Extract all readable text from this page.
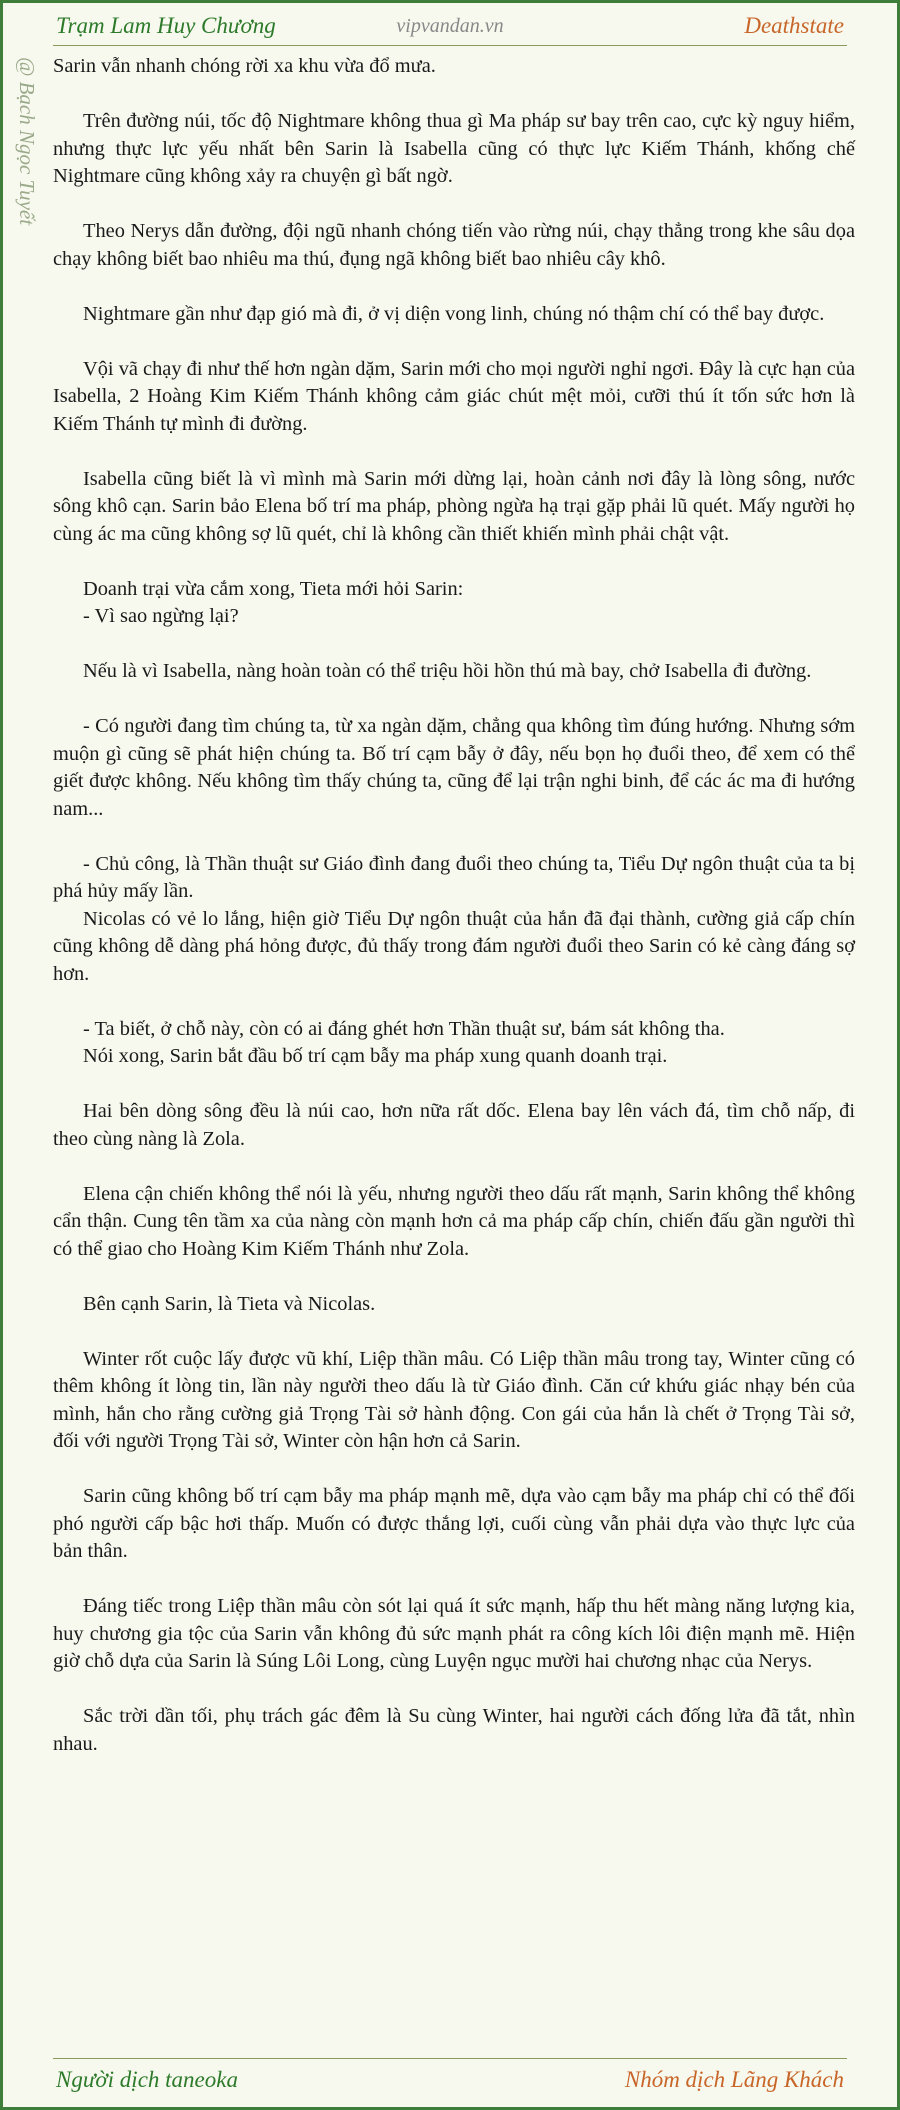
Trạm Lam Huy Chương	vipvandan.vn	Deathstate
@ Bạch Ngọc Tuyết Sarin vẫn nhanh chóng rời xa khu vừa đổ mưa.

Trên đường núi, tốc độ Nightmare không thua gì Ma pháp sư bay trên cao, cực kỳ nguy hiểm, nhưng thực lực yếu nhất bên Sarin là Isabella cũng có thực lực Kiếm Thánh, khống chế Nightmare cũng không xảy ra chuyện gì bất ngờ.

Theo Nerys dẫn đường, đội ngũ nhanh chóng tiến vào rừng núi, chạy thẳng trong khe sâu dọa chạy không biết bao nhiêu ma thú, đụng ngã không biết bao nhiêu cây khô.

Nightmare gần như đạp gió mà đi, ở vị diện vong linh, chúng nó thậm chí có thể bay được.

Vội vã chạy đi như thế hơn ngàn dặm, Sarin mới cho mọi người nghỉ ngơi. Đây là cực hạn của Isabella, 2 Hoàng Kim Kiếm Thánh không cảm giác chút mệt mỏi, cưỡi thú ít tốn sức hơn là Kiếm Thánh tự mình đi đường.

Isabella cũng biết là vì mình mà Sarin mới dừng lại, hoàn cảnh nơi đây là lòng sông, nước sông khô cạn. Sarin bảo Elena bố trí ma pháp, phòng ngừa hạ trại gặp phải lũ quét. Mấy người họ cùng ác ma cũng không sợ lũ quét, chỉ là không cần thiết khiến mình phải chật vật.

Doanh trại vừa cắm xong, Tieta mới hỏi Sarin:

- Vì sao ngừng lại?

Nếu là vì Isabella, nàng hoàn toàn có thể triệu hồi hồn thú mà bay, chở Isabella đi đường.

- Có người đang tìm chúng ta, từ xa ngàn dặm, chẳng qua không tìm đúng hướng. Nhưng sớm muộn gì cũng sẽ phát hiện chúng ta. Bố trí cạm bẫy ở đây, nếu bọn họ đuổi theo, để xem có thể giết được không. Nếu không tìm thấy chúng ta, cũng để lại trận nghi binh, để các ác ma đi hướng nam...

- Chủ công, là Thần thuật sư Giáo đình đang đuổi theo chúng ta, Tiểu Dự ngôn thuật của ta bị phá hủy mấy lần.

Nicolas có vẻ lo lắng, hiện giờ Tiểu Dự ngôn thuật của hắn đã đại thành, cường giả cấp chín cũng không dễ dàng phá hỏng được, đủ thấy trong đám người đuổi theo Sarin có kẻ càng đáng sợ hơn.

- Ta biết, ở chỗ này, còn có ai đáng ghét hơn Thần thuật sư, bám sát không tha.

Nói xong, Sarin bắt đầu bố trí cạm bẫy ma pháp xung quanh doanh trại.

Hai bên dòng sông đều là núi cao, hơn nữa rất dốc. Elena bay lên vách đá, tìm chỗ nấp, đi theo cùng nàng là Zola.

Elena cận chiến không thể nói là yếu, nhưng người theo dấu rất mạnh, Sarin không thể không cẩn thận. Cung tên tầm xa của nàng còn mạnh hơn cả ma pháp cấp chín, chiến đấu gần người thì có thể giao cho Hoàng Kim Kiếm Thánh như Zola.

Bên cạnh Sarin, là Tieta và Nicolas.

Winter rốt cuộc lấy được vũ khí, Liệp thần mâu. Có Liệp thần mâu trong tay, Winter cũng có thêm không ít lòng tin, lần này người theo dấu là từ Giáo đình. Căn cứ khứu giác nhạy bén của mình, hắn cho rằng cường giả Trọng Tài sở hành động. Con gái của hắn là chết ở Trọng Tài sở, đối với người Trọng Tài sở, Winter còn hận hơn cả Sarin.

Sarin cũng không bố trí cạm bẫy ma pháp mạnh mẽ, dựa vào cạm bẫy ma pháp chỉ có thể đối phó người cấp bậc hơi thấp. Muốn có được thắng lợi, cuối cùng vẫn phải dựa vào thực lực của bản thân.

Đáng tiếc trong Liệp thần mâu còn sót lại quá ít sức mạnh, hấp thu hết màng năng lượng kia, huy chương gia tộc của Sarin vẫn không đủ sức mạnh phát ra công kích lôi điện mạnh mẽ. Hiện giờ chỗ dựa của Sarin là Súng Lôi Long, cùng Luyện ngục mười hai chương nhạc của Nerys.

Sắc trời dần tối, phụ trách gác đêm là Su cùng Winter, hai người cách đống lửa đã tắt, nhìn nhau.

Người dịch taneoka	Nhóm dịch Lãng Khách
